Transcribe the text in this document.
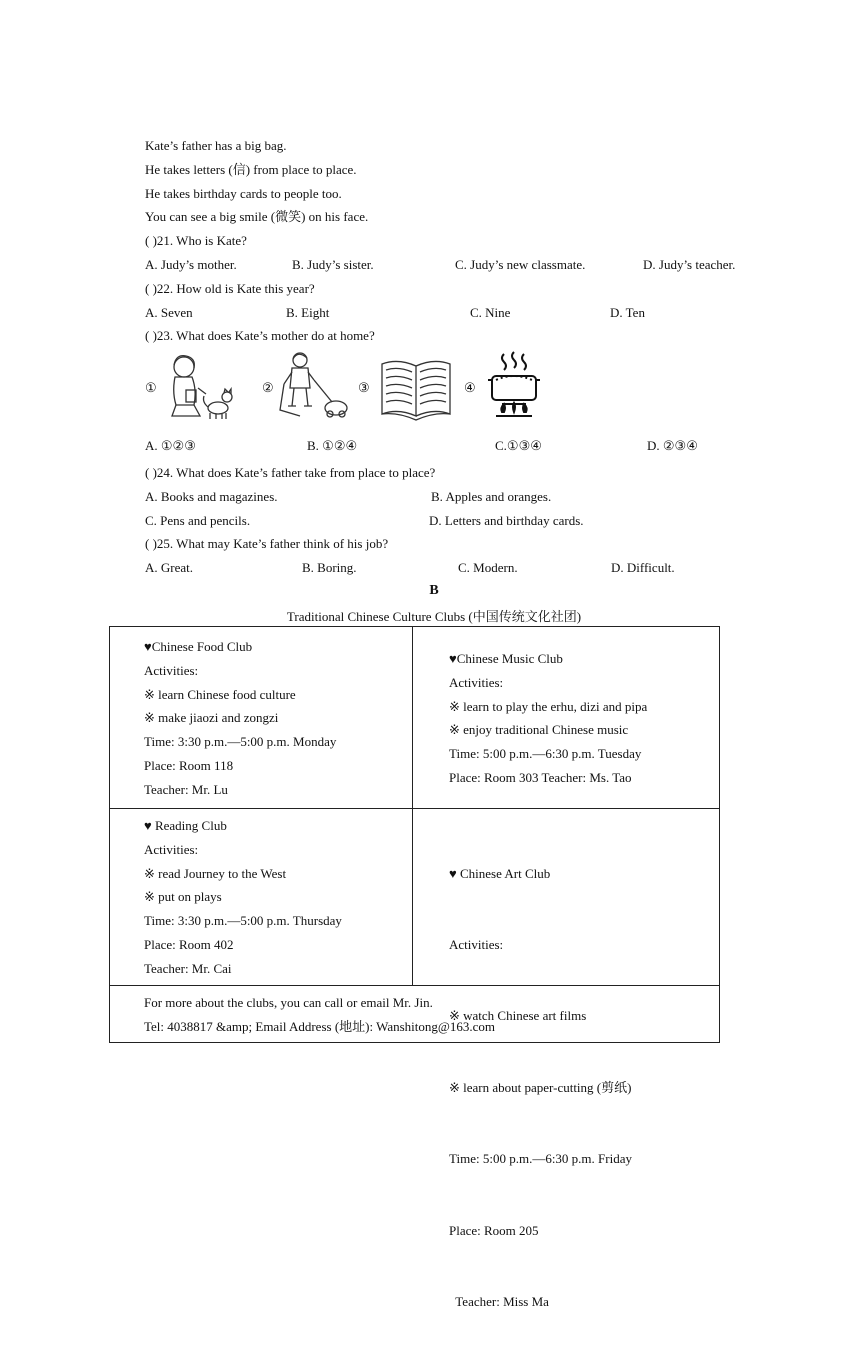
Kate’s father has a big bag.
He takes letters (信) from place to place.
He takes birthday cards to people too.
You can see a big smile (微笑) on his face.
( )21. Who is Kate?
A. Judy’s mother.	B. Judy’s sister.	C. Judy’s new classmate.	D. Judy’s teacher.
( )22. How old is Kate this year?
A. Seven	B. Eight	C. Nine	D. Ten
( )23. What does Kate’s mother do at home?
①	②	③	④
A. ①②③	B. ①②④	C.①③④	D. ②③④
( )24. What does Kate’s father take from place to place?
A. Books and magazines.	B. Apples and oranges.
C. Pens and pencils.	D. Letters and birthday cards.
( )25. What may Kate’s father think of his job?
A. Great.	B. Boring.	C. Modern.	D. Difficult.
B
Traditional Chinese Culture Clubs (中国传统文化社团)
♥Chinese Food Club
Activities:
※ learn Chinese food culture
※ make jiaozi and zongzi
Time: 3:30 p.m.—5:00 p.m. Monday
Place: Room 118
Teacher: Mr. Lu
♥Chinese Music Club
Activities:
※ learn to play the erhu, dizi and pipa
※ enjoy traditional Chinese music
Time: 5:00 p.m.—6:30 p.m. Tuesday
Place: Room 303 Teacher: Ms. Tao
♥ Reading Club
Activities:
※ read Journey to the West
※ put on plays
Time: 3:30 p.m.—5:00 p.m. Thursday
Place: Room 402
Teacher: Mr. Cai

♥ Chinese Art Club

Activities:

※ watch Chinese art films

※ learn about paper-cutting (剪纸)

Time: 5:00 p.m.—6:30 p.m. Friday

Place: Room 205

Teacher: Miss Ma

For more about the clubs, you can call or email Mr. Jin.
Tel: 4038817 &amp; Email Address (地址): Wanshitong@163.com
